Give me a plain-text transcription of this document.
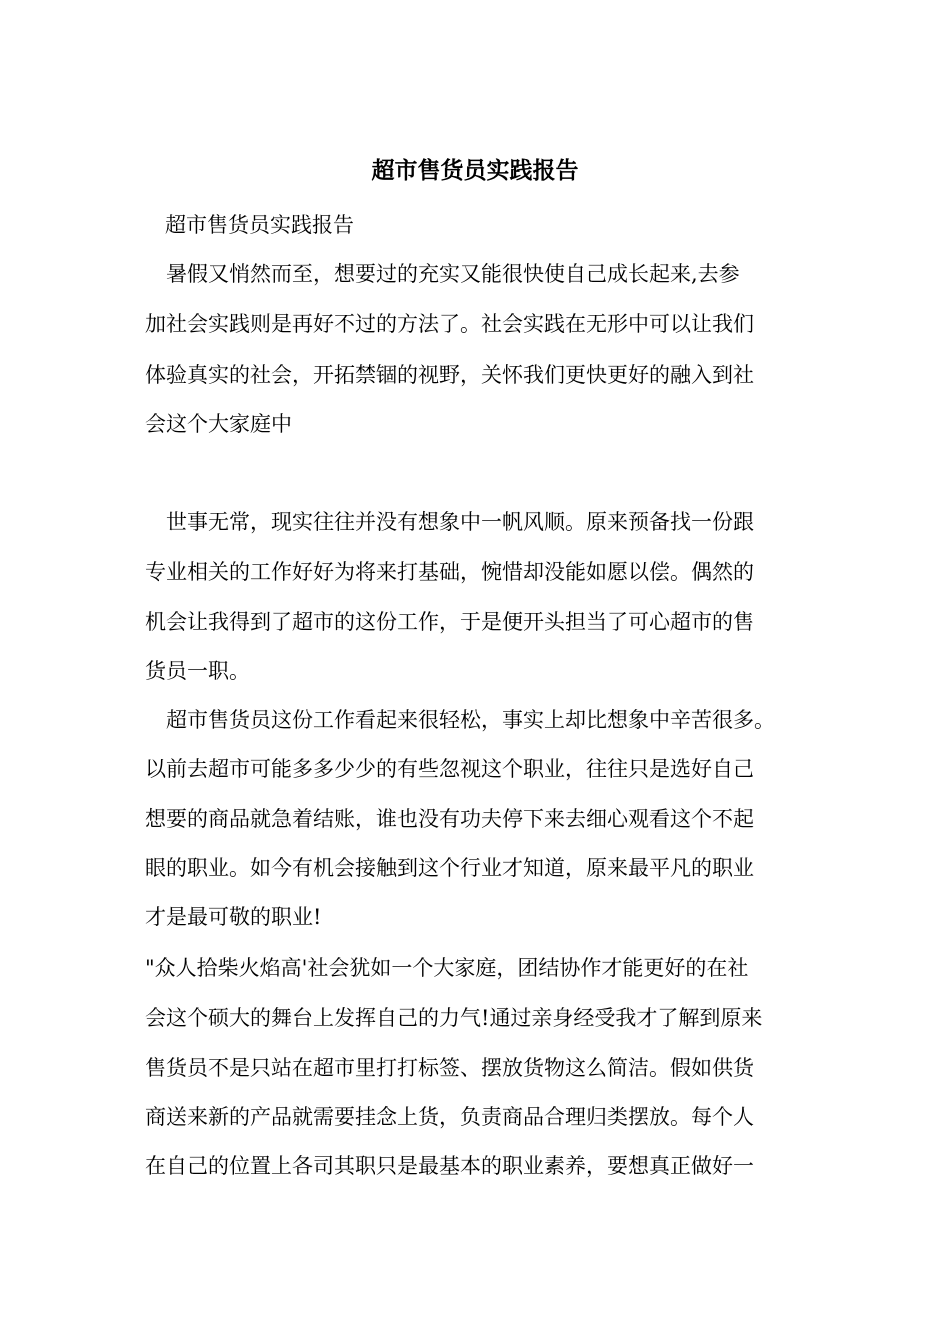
超市售货员实践报告

超市售货员实践报告

　暑假又悄然而至，想要过的充实又能很快使自己成长起来,去参

加社会实践则是再好不过的方法了。社会实践在无形中可以让我们

体验真实的社会，开拓禁锢的视野，关怀我们更快更好的融入到社

会这个大家庭中

　世事无常，现实往往并没有想象中一帆风顺。原来预备找一份跟

专业相关的工作好好为将来打基础，惋惜却没能如愿以偿。偶然的

机会让我得到了超市的这份工作，于是便开头担当了可心超市的售

货员一职。

　超市售货员这份工作看起来很轻松，事实上却比想象中辛苦很多。

以前去超市可能多多少少的有些忽视这个职业，往往只是选好自己

想要的商品就急着结账，谁也没有功夫停下来去细心观看这个不起

眼的职业。如今有机会接触到这个行业才知道，原来最平凡的职业

才是最可敬的职业!

"众人拾柴火焰高'社会犹如一个大家庭，团结协作才能更好的在社

会这个硕大的舞台上发挥自己的力气!通过亲身经受我才了解到原来

售货员不是只站在超市里打打标签、摆放货物这么简洁。假如供货

商送来新的产品就需要挂念上货，负责商品合理归类摆放。每个人

在自己的位置上各司其职只是最基本的职业素养，要想真正做好一
